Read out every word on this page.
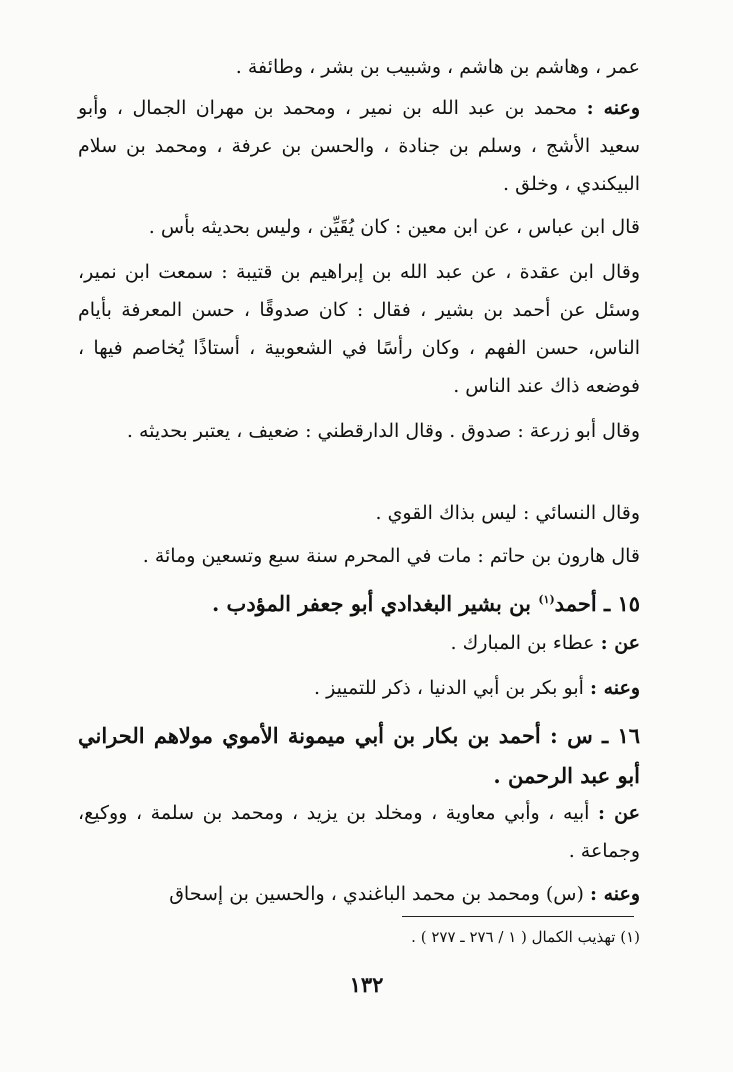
عمر ، وهاشم بن هاشم ، وشبيب بن بشر ، وطائفة .
وعنه : محمد بن عبد الله بن نمير ، ومحمد بن مهران الجمال ، وأبو سعيد الأشج ، وسلم بن جنادة ، والحسن بن عرفة ، ومحمد بن سلام البيكندي ، وخلق .
قال ابن عباس ، عن ابن معين : كان يُقَيِّن ، وليس بحديثه بأس .
وقال ابن عقدة ، عن عبد الله بن إبراهيم بن قتيبة : سمعت ابن نمير، وسئل عن أحمد بن بشير ، فقال : كان صدوقًا ، حسن المعرفة بأيام الناس، حسن الفهم ، وكان رأسًا في الشعوبية ، أستاذًا يُخاصم فيها ، فوضعه ذاك عند الناس .
وقال أبو زرعة : صدوق . وقال الدارقطني : ضعيف ، يعتبر بحديثه .
وقال النسائي : ليس بذاك القوي .
قال هارون بن حاتم : مات في المحرم سنة سبع وتسعين ومائة .
١٥ ـ أحمد$^{(١)}$ بن بشير البغدادي أبو جعفر المؤدب .
عن : عطاء بن المبارك .
وعنه : أبو بكر بن أبي الدنيا ، ذكر للتمييز .
١٦ ـ س : أحمد بن بكار بن أبي ميمونة الأموي مولاهم الحراني أبو عبد الرحمن .
عن : أبيه ، وأبي معاوية ، ومخلد بن يزيد ، ومحمد بن سلمة ، ووكيع، وجماعة .
وعنه : (س) ومحمد بن محمد الباغندي ، والحسين بن إسحاق
(١) تهذيب الكمال ( ١ / ٢٧٦ ـ ٢٧٧ ) .
١٣٢
